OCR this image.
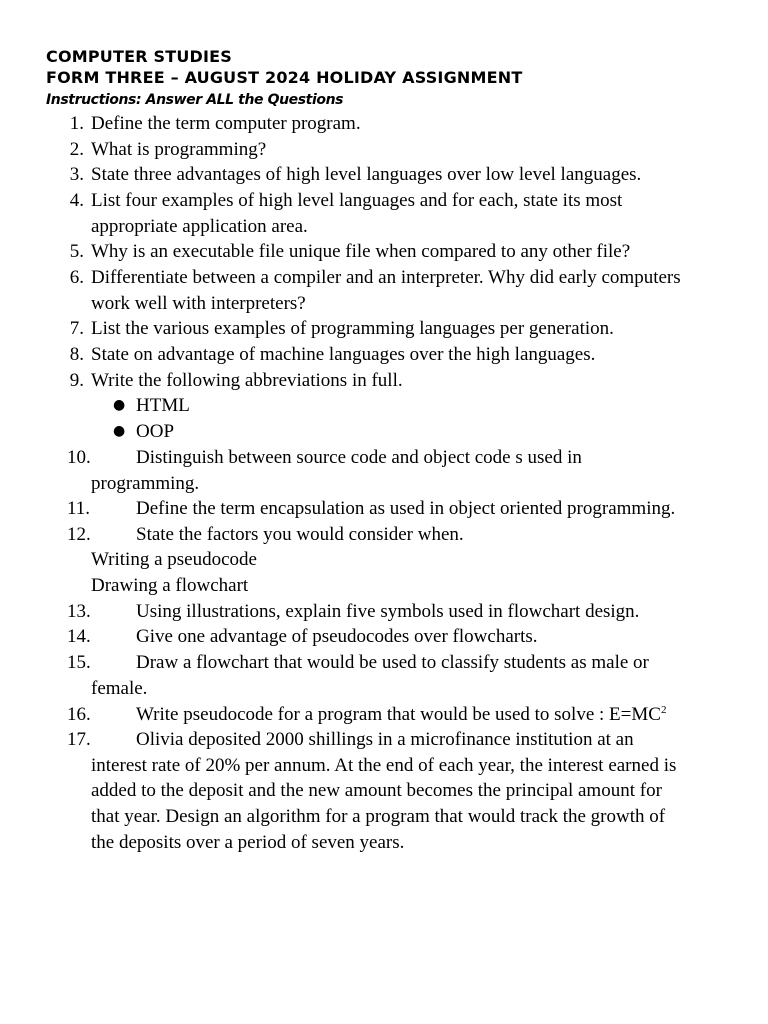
COMPUTER STUDIES
FORM THREE – AUGUST 2024 HOLIDAY ASSIGNMENT
Instructions: Answer ALL the Questions
1. Define the term computer program.
2. What is programming?
3. State three advantages of high level languages over low level languages.
4. List four examples of high level languages and for each, state its most
appropriate application area.
5. Why is an executable file unique file when compared to any other file?
6. Differentiate between a compiler and an interpreter. Why did early computers
work well with interpreters?
7. List the various examples of programming languages per generation.
8. State on advantage of machine languages over the high languages.
9. Write the following abbreviations in full.
● HTML
● OOP
10. Distinguish between source code and object code s used in
programming.
11. Define the term encapsulation as used in object oriented programming.
12. State the factors you would consider when.
Writing a pseudocode
Drawing a flowchart
13. Using illustrations, explain five symbols used in flowchart design.
14. Give one advantage of pseudocodes over flowcharts.
15. Draw a flowchart that would be used to classify students as male or
female.
16. Write pseudocode for a program that would be used to solve : $E=MC^2$
17. Olivia deposited 2000 shillings in a microfinance institution at an
interest rate of 20% per annum. At the end of each year, the interest earned is
added to the deposit and the new amount becomes the principal amount for
that year. Design an algorithm for a program that would track the growth of
the deposits over a period of seven years.
